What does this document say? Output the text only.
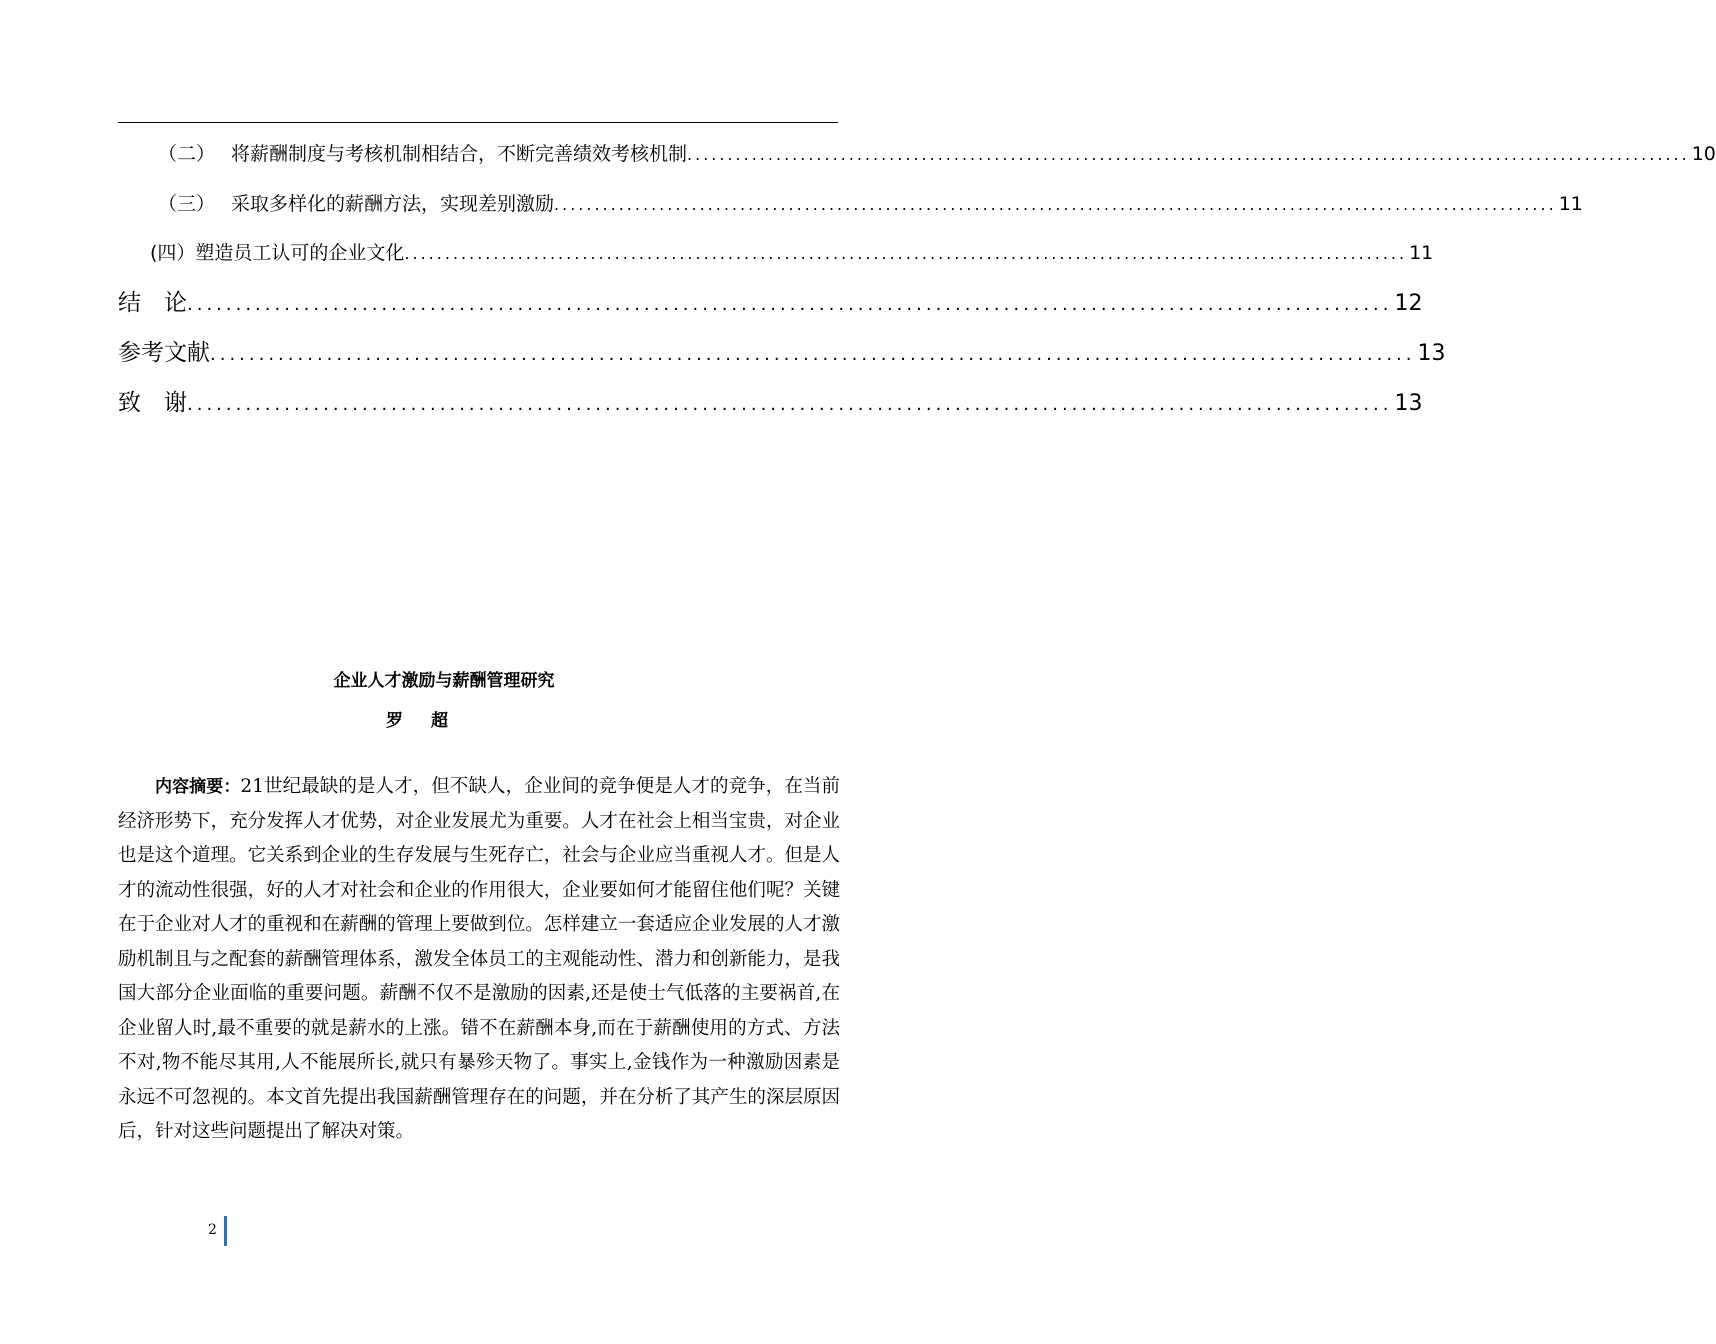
（二） 将薪酬制度与考核机制相结合，不断完善绩效考核机制 ............................................................................................................................ 10
（三） 采取多样化的薪酬方法，实现差别激励 ............................................................................................................................ 11
(四）塑造员工认可的企业文化 ............................................................................................................................ 11
结　论 ............................................................................................................................ 12
参考文献 ............................................................................................................................ 13
致　谢 ............................................................................................................................ 13
企业人才激励与薪酬管理研究
罗超

内容摘要：21世纪最缺的是人才，但不缺人，企业间的竞争便是人才的竞争，在当前经济形势下，充分发挥人才优势，对企业发展尤为重要。人才在社会上相当宝贵，对企业也是这个道理。它关系到企业的生存发展与生死存亡，社会与企业应当重视人才。但是人才的流动性很强，好的人才对社会和企业的作用很大，企业要如何才能留住他们呢？关键在于企业对人才的重视和在薪酬的管理上要做到位。怎样建立一套适应企业发展的人才激励机制且与之配套的薪酬管理体系，激发全体员工的主观能动性、潜力和创新能力，是我国大部分企业面临的重要问题。薪酬不仅不是激励的因素,还是使士气低落的主要祸首,在企业留人时,最不重要的就是薪水的上涨。错不在薪酬本身,而在于薪酬使用的方式、方法不对,物不能尽其用,人不能展所长,就只有暴殄天物了。事实上,金钱作为一种激励因素是永远不可忽视的。本文首先提出我国薪酬管理存在的问题，并在分析了其产生的深层原因后，针对这些问题提出了解决对策。

2
